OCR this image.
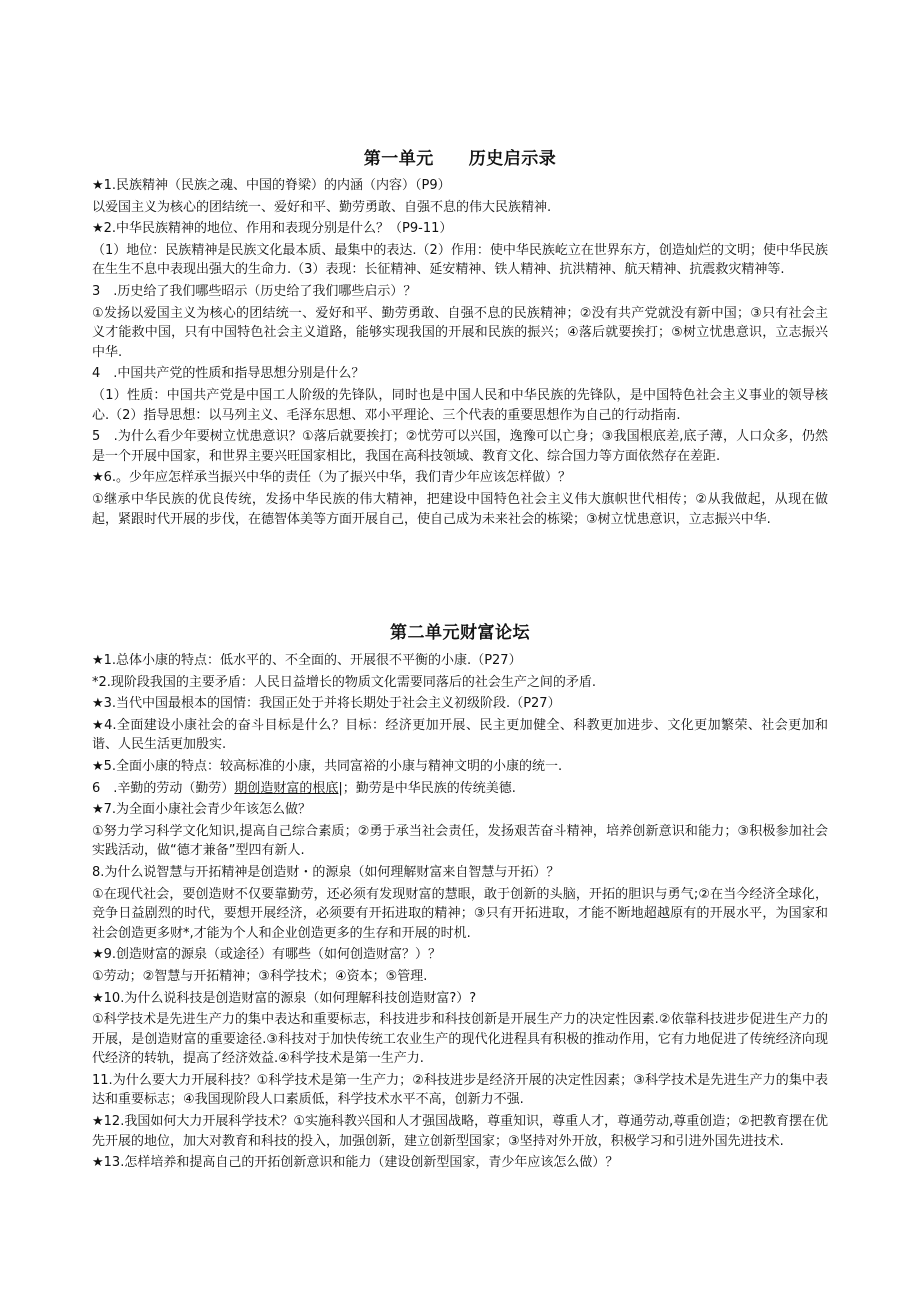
第一单元　　历史启示录

★1.民族精神（民族之魂、中国的脊梁）的内涵（内容）（P9）

以爱国主义为核心的团结统一、爱好和平、勤劳勇敢、自强不息的伟大民族精神.

★2.中华民族精神的地位、作用和表现分别是什么？（P9-11）

（1）地位：民族精神是民族文化最本质、最集中的表达.（2）作用：使中华民族屹立在世界东方，创造灿烂的文明；使中华民族在生生不息中表现出强大的生命力.（3）表现：长征精神、延安精神、铁人精神、抗洪精神、航天精神、抗震救灾精神等.

3　.历史给了我们哪些昭示（历史给了我们哪些启示）？

①发扬以爱国主义为核心的团结统一、爱好和平、勤劳勇敢、自强不息的民族精神；②没有共产党就没有新中国；③只有社会主义才能救中国，只有中国特色社会主义道路，能够实现我国的开展和民族的振兴；④落后就要挨打；⑤树立忧患意识，立志振兴中华.

4　.中国共产党的性质和指导思想分别是什么？

（1）性质：中国共产党是中国工人阶级的先锋队，同时也是中国人民和中华民族的先锋队，是中国特色社会主义事业的领导核心.（2）指导思想：以马列主义、毛泽东思想、邓小平理论、三个代表的重要思想作为自己的行动指南.

5　.为什么看少年要树立忧患意识？①落后就要挨打；②忧劳可以兴国，逸豫可以亡身；③我国根底差,底子薄，人口众多，仍然是一个开展中国家，和世界主要兴旺国家相比，我国在高科技领域、教育文化、综合国力等方面依然存在差距.

★6.。少年应怎样承当振兴中华的责任（为了振兴中华，我们青少年应该怎样做）？

①继承中华民族的优良传统，发扬中华民族的伟大精神，把建设中国特色社会主义伟大旗帜世代相传；②从我做起，从现在做起，紧跟时代开展的步伐，在德智体美等方面开展自己，使自己成为未来社会的栋梁；③树立忧患意识，立志振兴中华.

第二单元财富论坛

★1.总体小康的特点：低水平的、不全面的、开展很不平衡的小康.（P27）

*2.现阶段我国的主要矛盾：人民日益增长的物质文化需要同落后的社会生产之间的矛盾.

★3.当代中国最根本的国情：我国正处于并将长期处于社会主义初级阶段.（P27）

★4.全面建设小康社会的奋斗目标是什么？目标：经济更加开展、民主更加健全、科教更加进步、文化更加繁荣、社会更加和谐、人民生活更加殷实.

★5.全面小康的特点：较高标准的小康，共同富裕的小康与精神文明的小康的统一.

6　.辛勤的劳动（勤劳）期创造财富的根底|；勤劳是中华民族的传统美德.

★7.为全面小康社会青少年该怎么做？

①努力学习科学文化知识,提高自己综合素质；②勇于承当社会责任，发扬艰苦奋斗精神，培养创新意识和能力；③积极参加社会实践活动，做“德才兼备”型四有新人.

8.为什么说智慧与开拓精神是创造财・的源泉（如何理解财富来自智慧与开拓）？

①在现代社会，要创造财不仅要靠勤劳，还必须有发现财富的慧眼，敢于创新的头脑，开拓的胆识与勇气;②在当今经济全球化，竞争日益剧烈的时代，要想开展经济，必须要有开拓进取的精神；③只有开拓进取，才能不断地超越原有的开展水平，为国家和社会创造更多财*,才能为个人和企业创造更多的生存和开展的时机.

★9.创造财富的源泉（或途径）有哪些（如何创造财富？）？

①劳动；②智慧与开拓精神；③科学技术；④资本；⑤管理.

★10.为什么说科技是创造财富的源泉（如何理解科技创造财富?）?

①科学技术是先进生产力的集中表达和重要标志，科技进步和科技创新是开展生产力的决定性因素.②依靠科技进步促进生产力的开展，是创造财富的重要途径.③科技对于加快传统工农业生产的现代化进程具有积极的推动作用，它有力地促进了传统经济向现代经济的转轨，提高了经济效益.④科学技术是第一生产力.

11.为什么要大力开展科技？①科学技术是第一生产力；②科技进步是经济开展的决定性因素；③科学技术是先进生产力的集中表达和重要标志；④我国现阶段人口素质低，科学技术水平不高，创新力不强.

★12.我国如何大力开展科学技术？①实施科教兴国和人才强国战略，尊重知识，尊重人才，尊通劳动,尊重创造；②把教育摆在优先开展的地位，加大对教育和科技的投入，加强创新，建立创新型国家；③坚持对外开放，积极学习和引进外国先进技术.

★13.怎样培养和提高自己的开拓创新意识和能力（建设创新型国家，青少年应该怎么做）？
